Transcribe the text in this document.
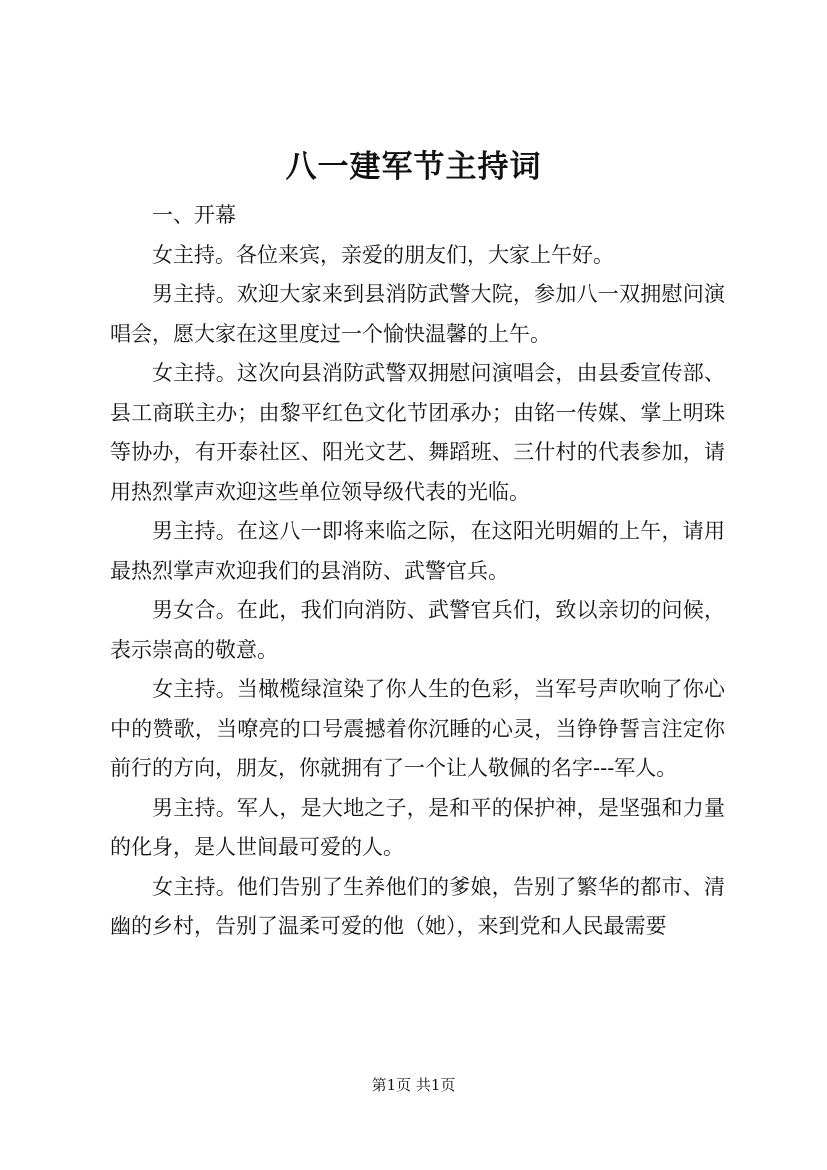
八一建军节主持词

一、开幕

女主持。各位来宾，亲爱的朋友们，大家上午好。

男主持。欢迎大家来到县消防武警大院，参加八一双拥慰问演唱会，愿大家在这里度过一个愉快温馨的上午。

女主持。这次向县消防武警双拥慰问演唱会，由县委宣传部、县工商联主办；由黎平红色文化节团承办；由铭一传媒、掌上明珠等协办，有开泰社区、阳光文艺、舞蹈班、三什村的代表参加，请用热烈掌声欢迎这些单位领导级代表的光临。

男主持。在这八一即将来临之际，在这阳光明媚的上午，请用最热烈掌声欢迎我们的县消防、武警官兵。

男女合。在此，我们向消防、武警官兵们，致以亲切的问候，表示崇高的敬意。

女主持。当橄榄绿渲染了你人生的色彩，当军号声吹响了你心中的赞歌，当嘹亮的口号震撼着你沉睡的心灵，当铮铮誓言注定你前行的方向，朋友，你就拥有了一个让人敬佩的名字---军人。

男主持。军人，是大地之子，是和平的保护神，是坚强和力量的化身，是人世间最可爱的人。

女主持。他们告别了生养他们的爹娘，告别了繁华的都市、清幽的乡村，告别了温柔可爱的他（她），来到党和人民最需要

第1页 共1页
